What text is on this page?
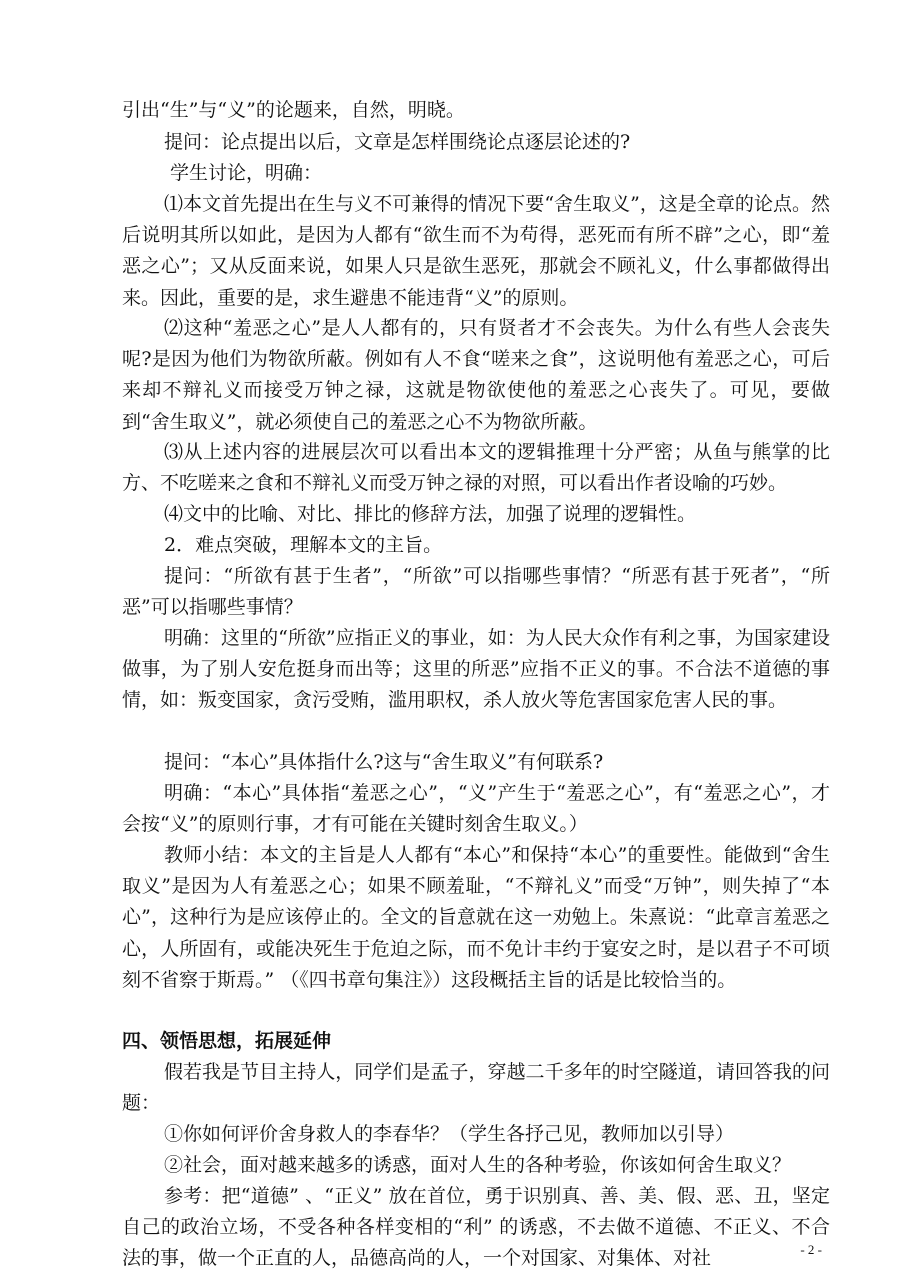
引出“生”与“义”的论题来，自然，明晓。

提问：论点提出以后，文章是怎样围绕论点逐层论述的?

学生讨论，明确：

⑴本文首先提出在生与义不可兼得的情况下要“舍生取义”，这是全章的论点。然后说明其所以如此，是因为人都有“欲生而不为苟得，恶死而有所不辟”之心，即“羞恶之心”；又从反面来说，如果人只是欲生恶死，那就会不顾礼义，什么事都做得出来。因此，重要的是，求生避患不能违背“义”的原则。

⑵这种“羞恶之心”是人人都有的，只有贤者才不会丧失。为什么有些人会丧失呢?是因为他们为物欲所蔽。例如有人不食“嗟来之食”，这说明他有羞恶之心，可后来却不辩礼义而接受万钟之禄，这就是物欲使他的羞恶之心丧失了。可见，要做到“舍生取义”，就必须使自己的羞恶之心不为物欲所蔽。

⑶从上述内容的进展层次可以看出本文的逻辑推理十分严密；从鱼与熊掌的比方、不吃嗟来之食和不辩礼义而受万钟之禄的对照，可以看出作者设喻的巧妙。

⑷文中的比喻、对比、排比的修辞方法，加强了说理的逻辑性。

2．难点突破，理解本文的主旨。

提问：“所欲有甚于生者”，“所欲”可以指哪些事情？“所恶有甚于死者”，“所恶”可以指哪些事情？

明确：这里的“所欲”应指正义的事业，如：为人民大众作有利之事，为国家建设做事，为了别人安危挺身而出等；这里的所恶”应指不正义的事。不合法不道德的事情，如：叛变国家，贪污受贿，滥用职权，杀人放火等危害国家危害人民的事。

提问：“本心”具体指什么?这与“舍生取义”有何联系?

明确：“本心”具体指“羞恶之心”，“义”产生于“羞恶之心”，有“羞恶之心”，才会按“义”的原则行事，才有可能在关键时刻舍生取义。）

教师小结：本文的主旨是人人都有“本心”和保持“本心”的重要性。能做到“舍生取义”是因为人有羞恶之心；如果不顾羞耻，“不辩礼义”而受“万钟”，则失掉了“本心”，这种行为是应该停止的。全文的旨意就在这一劝勉上。朱熹说：“此章言羞恶之心，人所固有，或能决死生于危迫之际，而不免计丰约于宴安之时，是以君子不可顷刻不省察于斯焉。” （《四书章句集注》）这段概括主旨的话是比较恰当的。

四、领悟思想，拓展延伸

假若我是节目主持人，同学们是孟子，穿越二千多年的时空隧道，请回答我的问题：

①你如何评价舍身救人的李春华？（学生各抒己见，教师加以引导）

②社会，面对越来越多的诱惑，面对人生的各种考验，你该如何舍生取义？

参考：把“道德” 、“正义” 放在首位，勇于识别真、善、美、假、恶、丑，坚定自己的政治立场，不受各种各样变相的“利” 的诱惑，不去做不道德、不正义、不合法的事，做一个正直的人，品德高尚的人，一个对国家、对集体、对社	- 2 -
